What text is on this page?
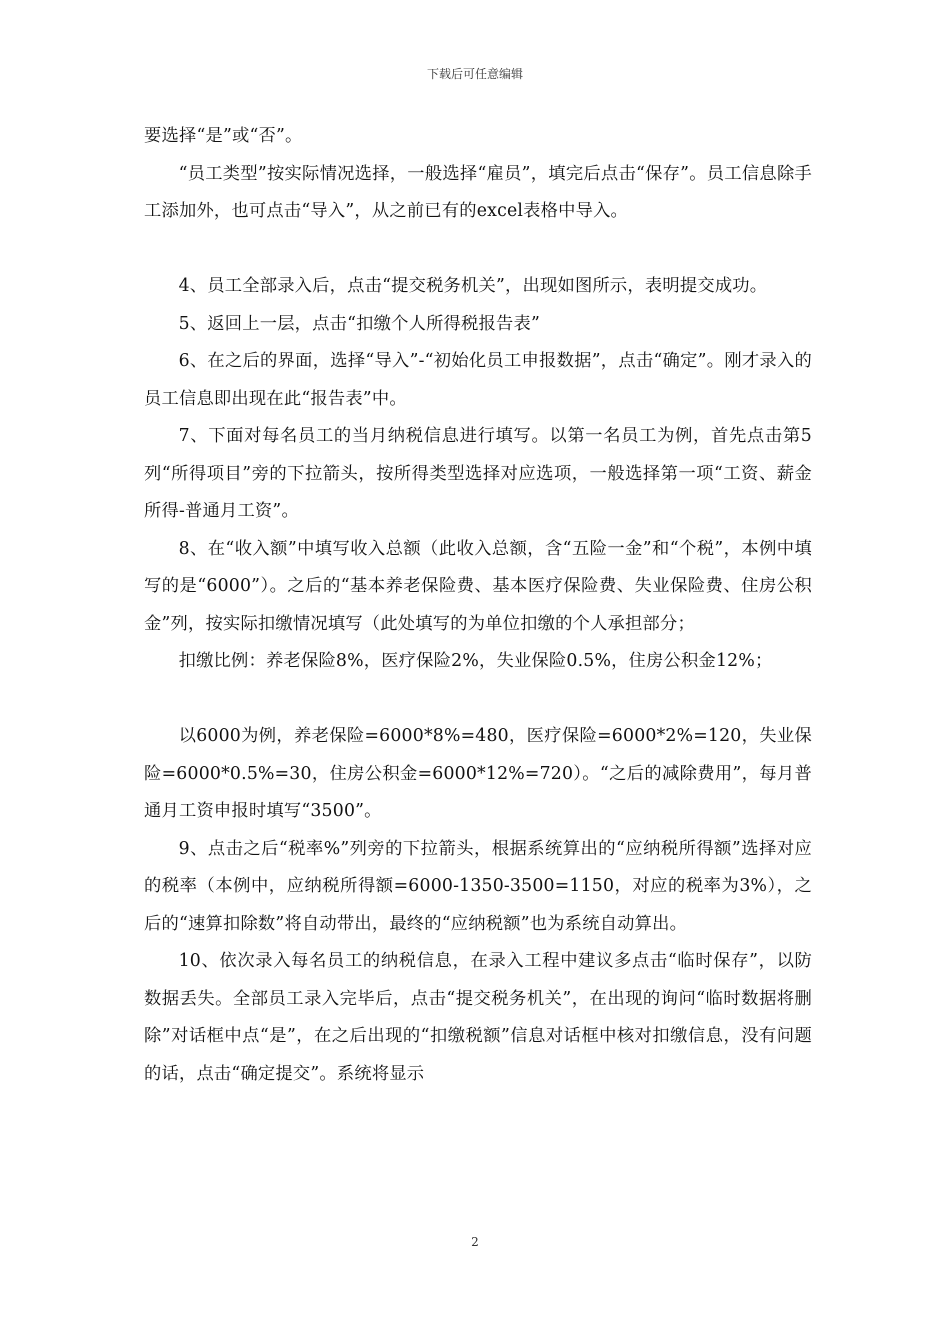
下载后可任意编辑

要选择“是”或“否”。

“员工类型”按实际情况选择，一般选择“雇员”，填完后点击“保存”。员工信息除手工添加外，也可点击“导入”，从之前已有的excel表格中导入。

4、员工全部录入后，点击“提交税务机关”，出现如图所示，表明提交成功。

5、返回上一层，点击“扣缴个人所得税报告表”

6、在之后的界面，选择“导入”-“初始化员工申报数据”，点击“确定”。刚才录入的员工信息即出现在此“报告表”中。

7、下面对每名员工的当月纳税信息进行填写。以第一名员工为例，首先点击第5列“所得项目”旁的下拉箭头，按所得类型选择对应选项，一般选择第一项“工资、薪金所得-普通月工资”。

8、在“收入额”中填写收入总额（此收入总额，含“五险一金”和“个税”，本例中填写的是“6000”）。之后的“基本养老保险费、基本医疗保险费、失业保险费、住房公积金”列，按实际扣缴情况填写（此处填写的为单位扣缴的个人承担部分；

扣缴比例：养老保险8%，医疗保险2%，失业保险0.5%，住房公积金12%；

以6000为例，养老保险=6000*8%=480，医疗保险=6000*2%=120，失业保险=6000*0.5%=30，住房公积金=6000*12%=720）。“之后的减除费用”，每月普通月工资申报时填写“3500”。

9、点击之后“税率%”列旁的下拉箭头，根据系统算出的“应纳税所得额”选择对应的税率（本例中，应纳税所得额=6000-1350-3500=1150，对应的税率为3%），之后的“速算扣除数”将自动带出，最终的“应纳税额”也为系统自动算出。

10、依次录入每名员工的纳税信息，在录入工程中建议多点击“临时保存”，以防数据丢失。全部员工录入完毕后，点击“提交税务机关”，在出现的询问“临时数据将删除”对话框中点“是”，在之后出现的“扣缴税额”信息对话框中核对扣缴信息，没有问题的话，点击“确定提交”。系统将显示

2
